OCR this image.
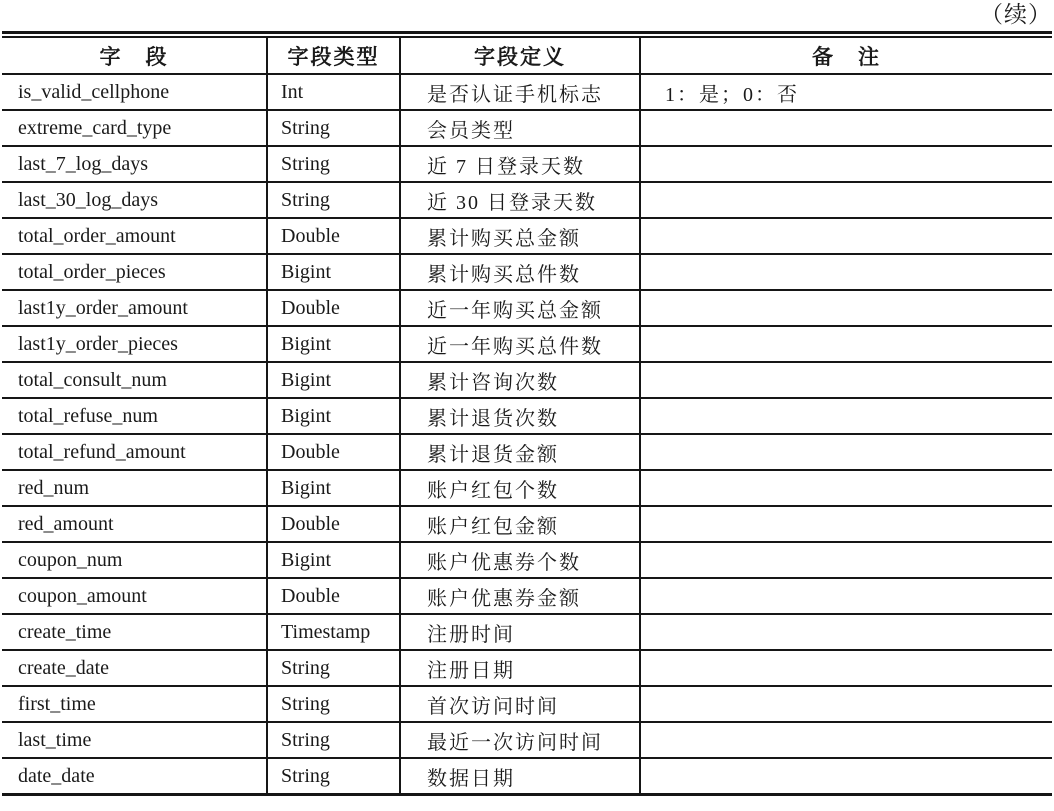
（续）
字　段	字段类型	字段定义	备　注
is_valid_cellphone	Int	是否认证手机标志	1：是；0：否
extreme_card_type	String	会员类型	
last_7_log_days	String	近 7 日登录天数	
last_30_log_days	String	近 30 日登录天数	
total_order_amount	Double	累计购买总金额	
total_order_pieces	Bigint	累计购买总件数	
last1y_order_amount	Double	近一年购买总金额	
last1y_order_pieces	Bigint	近一年购买总件数	
total_consult_num	Bigint	累计咨询次数	
total_refuse_num	Bigint	累计退货次数	
total_refund_amount	Double	累计退货金额	
red_num	Bigint	账户红包个数	
red_amount	Double	账户红包金额	
coupon_num	Bigint	账户优惠券个数	
coupon_amount	Double	账户优惠券金额	
create_time	Timestamp	注册时间	
create_date	String	注册日期	
first_time	String	首次访问时间	
last_time	String	最近一次访问时间	
date_date	String	数据日期	
